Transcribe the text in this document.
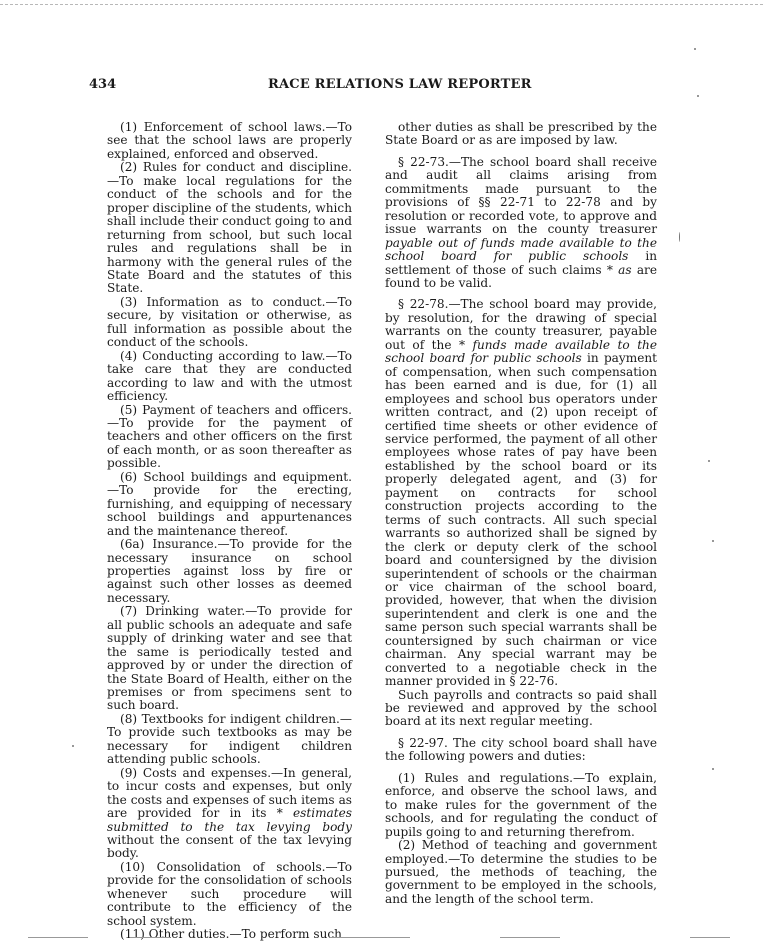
434	RACE RELATIONS LAW REPORTER

(1) Enforcement of school laws.—To see that the school laws are properly explained, enforced and observed.

(2) Rules for conduct and discipline.—To make local regulations for the conduct of the schools and for the proper discipline of the students, which shall include their conduct going to and returning from school, but such local rules and regulations shall be in harmony with the general rules of the State Board and the statutes of this State.

(3) Information as to conduct.—To secure, by visitation or otherwise, as full information as possible about the conduct of the schools.

(4) Conducting according to law.—To take care that they are conducted according to law and with the utmost efficiency.

(5) Payment of teachers and officers.—To provide for the payment of teachers and other officers on the first of each month, or as soon thereafter as possible.

(6) School buildings and equipment.—To provide for the erecting, furnishing, and equipping of necessary school buildings and appurtenances and the maintenance thereof.

(6a) Insurance.—To provide for the necessary insurance on school properties against loss by fire or against such other losses as deemed necessary.

(7) Drinking water.—To provide for all public schools an adequate and safe supply of drinking water and see that the same is periodically tested and approved by or under the direction of the State Board of Health, either on the premises or from specimens sent to such board.

(8) Textbooks for indigent children.—To provide such textbooks as may be necessary for indigent children attending public schools.

(9) Costs and expenses.—In general, to incur costs and expenses, but only the costs and expenses of such items as are provided for in its * estimates submitted to the tax levying body without the consent of the tax levying body.

(10) Consolidation of schools.—To provide for the consolidation of schools whenever such procedure will contribute to the efficiency of the school system.

(11) Other duties.—To perform such

other duties as shall be prescribed by the State Board or as are imposed by law.

§ 22-73.—The school board shall receive and audit all claims arising from commitments made pursuant to the provisions of §§ 22-71 to 22-78 and by resolution or recorded vote, to approve and issue warrants on the county treasurer payable out of funds made available to the school board for public schools in settlement of those of such claims * as are found to be valid.

§ 22-78.—The school board may provide, by resolution, for the drawing of special warrants on the county treasurer, payable out of the * funds made available to the school board for public schools in payment of compensation, when such compensation has been earned and is due, for (1) all employees and school bus operators under written contract, and (2) upon receipt of certified time sheets or other evidence of service performed, the payment of all other employees whose rates of pay have been established by the school board or its properly delegated agent, and (3) for payment on contracts for school construction projects according to the terms of such contracts. All such special warrants so authorized shall be signed by the clerk or deputy clerk of the school board and countersigned by the division superintendent of schools or the chairman or vice chairman of the school board, provided, however, that when the division superintendent and clerk is one and the same person such special warrants shall be countersigned by such chairman or vice chairman. Any special warrant may be converted to a negotiable check in the manner provided in § 22-76.

Such payrolls and contracts so paid shall be reviewed and approved by the school board at its next regular meeting.

§ 22-97. The city school board shall have the following powers and duties:

(1) Rules and regulations.—To explain, enforce, and observe the school laws, and to make rules for the government of the schools, and for regulating the conduct of pupils going to and returning therefrom.

(2) Method of teaching and government employed.—To determine the studies to be pursued, the methods of teaching, the government to be employed in the schools, and the length of the school term.
